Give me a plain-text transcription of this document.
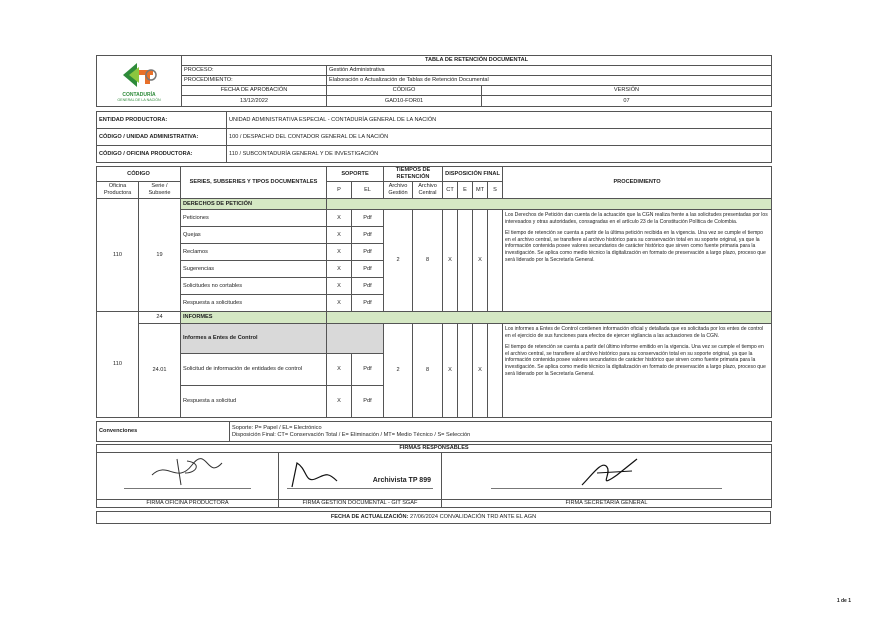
CONTADURÍA
GENERAL DE LA NACIÓN	TABLA DE RETENCIÓN DOCUMENTAL		
	PROCESO:	Gestión Administrativa	
	PROCEDIMIENTO:	Elaboración o Actualización de Tablas de Retención Documental	
	FECHA DE APROBACIÓN	CÓDIGO	VERSIÓN
	13/12/2022	GAD10-FOR01	07
ENTIDAD PRODUCTORA:	UNIDAD ADMINISTRATIVA ESPECIAL - CONTADURÍA GENERAL DE LA NACIÓN
CÓDIGO / UNIDAD ADMINISTRATIVA:	100 / DESPACHO DEL CONTADOR GENERAL DE LA NACIÓN
CÓDIGO / OFICINA PRODUCTORA:	110 / SUBCONTADURÍA GENERAL Y DE INVESTIGACIÓN
CÓDIGO		SERIES, SUBSERIES Y TIPOS DOCUMENTALES	SOPORTE		TIEMPOS DE RETENCIÓN		DISPOSICIÓN FINAL				PROCEDIMIENTO
Oficina Productora	Serie / Subserie		P	EL	Archivo Gestión	Archivo Central	CT	E	MT	S	
110	19	DERECHOS DE PETICIÓN									
		Peticiones	X	Pdf	2	8	X		X		Los Derechos de Petición dan cuenta de la actuación que la CGN realiza frente a las solicitudes presentadas por los interesados y otras autoridades, consagradas en el artículo 23 de la Constitución Política de Colombia.
El tiempo de retención se cuenta a partir de la última petición recibida en la vigencia. Una vez se cumple el tiempo en el archivo central, se transfiere al archivo histórico para su conservación total en su soporte original, ya que la información contenida posee valores secundarios de carácter histórico que sirven como fuente primaria para la investigación. Se aplica como medio técnico la digitalización en formato de preservación a largo plazo, proceso que será liderado por la Secretaría General.

		Quejas	X	Pdf							
		Reclamos	X	Pdf							
		Sugerencias	X	Pdf							
		Solicitudes no cortables	X	Pdf							
		Respuesta a solicitudes	X	Pdf							
110	24	INFORMES									
	24.01	Informes a Entes de Control			2	8	X		X		Los informes a Entes de Control contienen información oficial y detallada que es solicitada por los entes de control en el ejercicio de sus funciones para efectos de ejercer vigilancia a las actuaciones de la CGN.
El tiempo de retención se cuenta a partir del último informe emitido en la vigencia. Una vez se cumple el tiempo en el archivo central, se transfiere al archivo histórico para su conservación total en su soporte original, ya que la información contenida posee valores secundarios de carácter histórico que sirven como fuente primaria para la investigación. Se aplica como medio técnico la digitalización en formato de preservación a largo plazo, proceso que será liderado por la Secretaría General.

		Solicitud de información de entidades de control	X	Pdf							
		Respuesta a solicitud	X	Pdf							
Convenciones	
Soporte: P= Papel / EL= Electrónico
Disposición Final: CT= Conservación Total / E= Eliminación / MT= Medio Técnico / S= Selección
FIRMAS RESPONSABLES		

Archivista TP 899

FIRMA OFICINA PRODUCTORA	FIRMA GESTIÓN DOCUMENTAL - GIT SGAF	FIRMA SECRETARÍA GENERAL
FECHA DE ACTUALIZACIÓN: 27/06/2024 CONVALIDACIÓN TRD ANTE EL AGN
1 de 1
